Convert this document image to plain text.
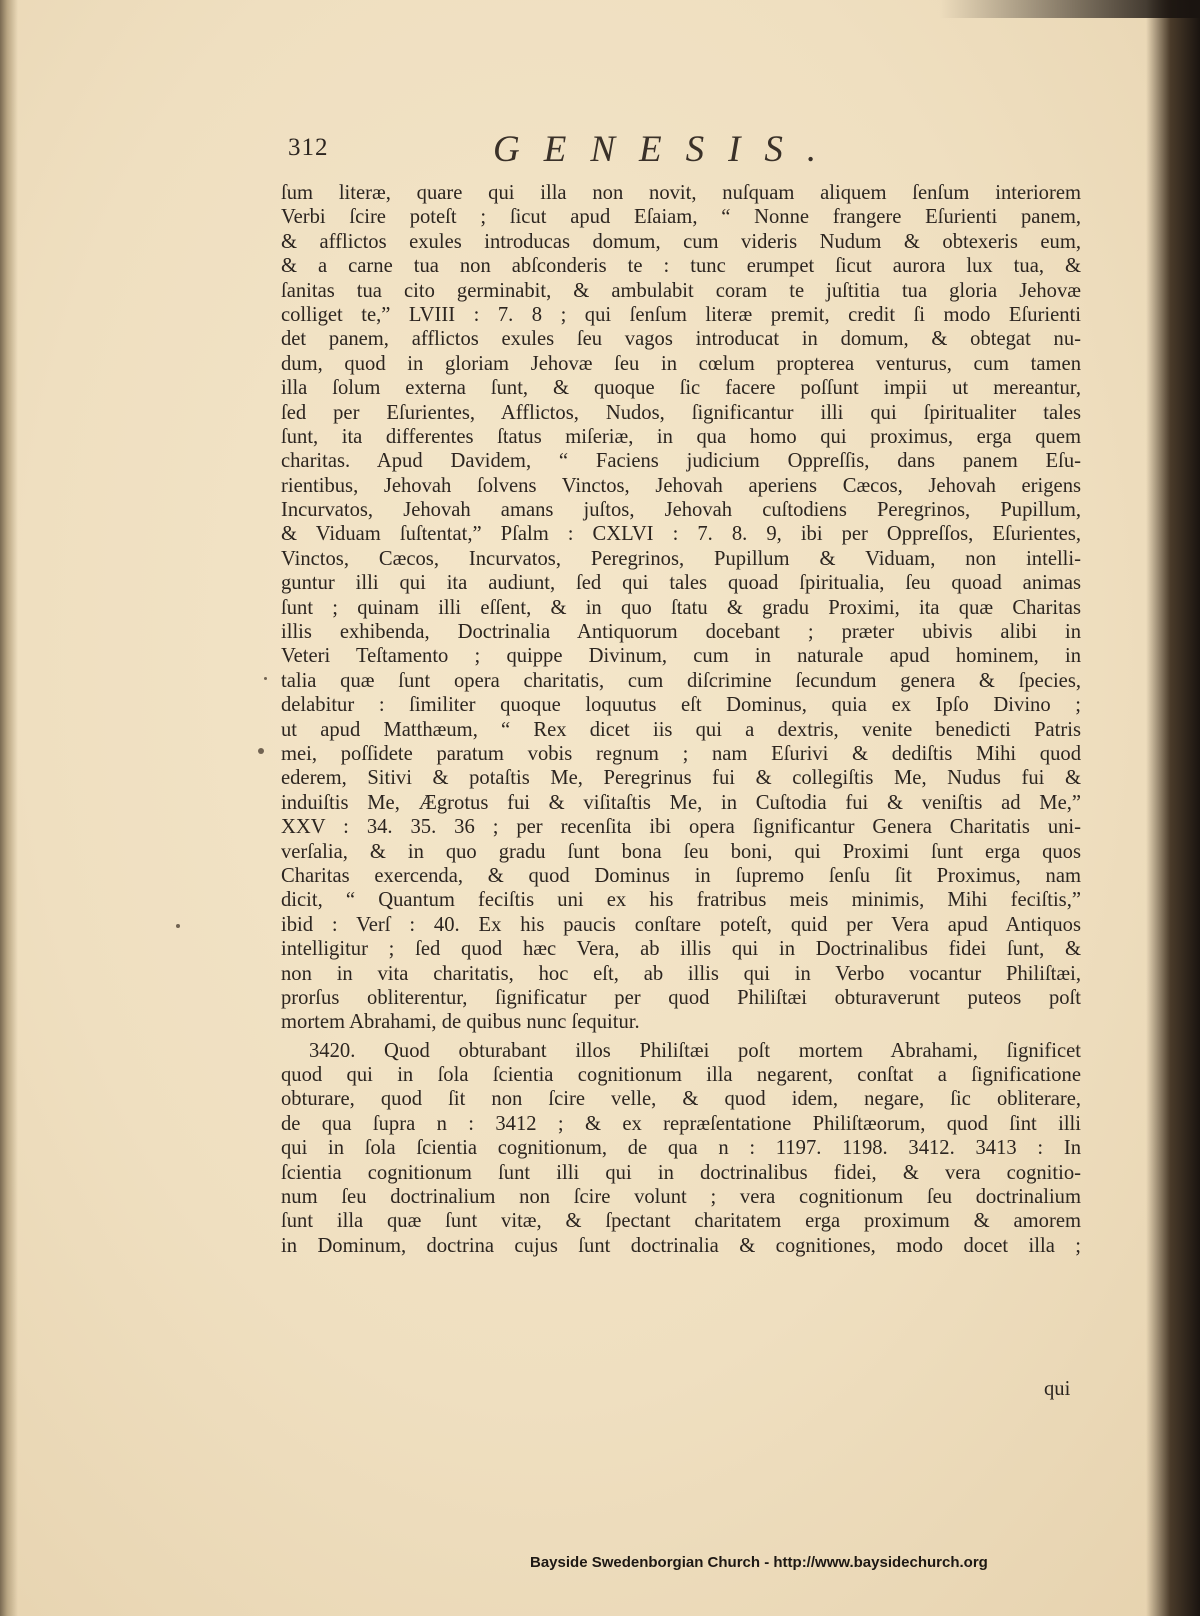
312	GENESIS.
ſum literæ, quare qui illa non novit, nuſquam aliquem ſenſum interiorem
Verbi ſcire poteſt ; ſicut apud Eſaiam, “ Nonne frangere Eſurienti panem,
& afflictos exules introducas domum, cum videris Nudum & obtexeris eum,
& a carne tua non abſconderis te : tunc erumpet ſicut aurora lux tua, &
ſanitas tua cito germinabit, & ambulabit coram te juſtitia tua gloria Jehovæ
colliget te,” LVIII : 7. 8 ; qui ſenſum literæ premit, credit ſi modo Eſurienti
det panem, afflictos exules ſeu vagos introducat in domum, & obtegat nu-
dum, quod in gloriam Jehovæ ſeu in cœlum propterea venturus, cum tamen
illa ſolum externa ſunt, & quoque ſic facere poſſunt impii ut mereantur,
ſed per Eſurientes, Afflictos, Nudos, ſignificantur illi qui ſpiritualiter tales
ſunt, ita differentes ſtatus miſeriæ, in qua homo qui proximus, erga quem
charitas. Apud Davidem, “ Faciens judicium Oppreſſis, dans panem Eſu-
rientibus, Jehovah ſolvens Vinctos, Jehovah aperiens Cæcos, Jehovah erigens
Incurvatos, Jehovah amans juſtos, Jehovah cuſtodiens Peregrinos, Pupillum,
& Viduam ſuſtentat,” Pſalm : CXLVI : 7. 8. 9, ibi per Oppreſſos, Eſurientes,
Vinctos, Cæcos, Incurvatos, Peregrinos, Pupillum & Viduam, non intelli-
guntur illi qui ita audiunt, ſed qui tales quoad ſpiritualia, ſeu quoad animas
ſunt ; quinam illi eſſent, & in quo ſtatu & gradu Proximi, ita quæ Charitas
illis exhibenda, Doctrinalia Antiquorum docebant ; præter ubivis alibi in
Veteri Teſtamento ; quippe Divinum, cum in naturale apud hominem, in
talia quæ ſunt opera charitatis, cum diſcrimine ſecundum genera & ſpecies,
delabitur : ſimiliter quoque loquutus eſt Dominus, quia ex Ipſo Divino ;
ut apud Matthæum, “ Rex dicet iis qui a dextris, venite benedicti Patris
mei, poſſidete paratum vobis regnum ; nam Eſurivi & dediſtis Mihi quod
ederem, Sitivi & potaſtis Me, Peregrinus fui & collegiſtis Me, Nudus fui &
induiſtis Me, Ægrotus fui & viſitaſtis Me, in Cuſtodia fui & veniſtis ad Me,”
XXV : 34. 35. 36 ; per recenſita ibi opera ſignificantur Genera Charitatis uni-
verſalia, & in quo gradu ſunt bona ſeu boni, qui Proximi ſunt erga quos
Charitas exercenda, & quod Dominus in ſupremo ſenſu ſit Proximus, nam
dicit, “ Quantum feciſtis uni ex his fratribus meis minimis, Mihi feciſtis,”
ibid : Verſ : 40. Ex his paucis conſtare poteſt, quid per Vera apud Antiquos
intelligitur ; ſed quod hæc Vera, ab illis qui in Doctrinalibus fidei ſunt, &
non in vita charitatis, hoc eſt, ab illis qui in Verbo vocantur Philiſtæi,
prorſus obliterentur, ſignificatur per quod Philiſtæi obturaverunt puteos poſt
mortem Abrahami, de quibus nunc ſequitur.
3420. Quod obturabant illos Philiſtæi poſt mortem Abrahami, ſignificet
quod qui in ſola ſcientia cognitionum illa negarent, conſtat a ſignificatione
obturare, quod ſit non ſcire velle, & quod idem, negare, ſic obliterare,
de qua ſupra n : 3412 ; & ex repræſentatione Philiſtæorum, quod ſint illi
qui in ſola ſcientia cognitionum, de qua n : 1197. 1198. 3412. 3413 : In
ſcientia cognitionum ſunt illi qui in doctrinalibus fidei, & vera cognitio-
num ſeu doctrinalium non ſcire volunt ; vera cognitionum ſeu doctrinalium
ſunt illa quæ ſunt vitæ, & ſpectant charitatem erga proximum & amorem
in Dominum, doctrina cujus ſunt doctrinalia & cognitiones, modo docet illa ;
qui
Bayside Swedenborgian Church - http://www.baysidechurch.org
